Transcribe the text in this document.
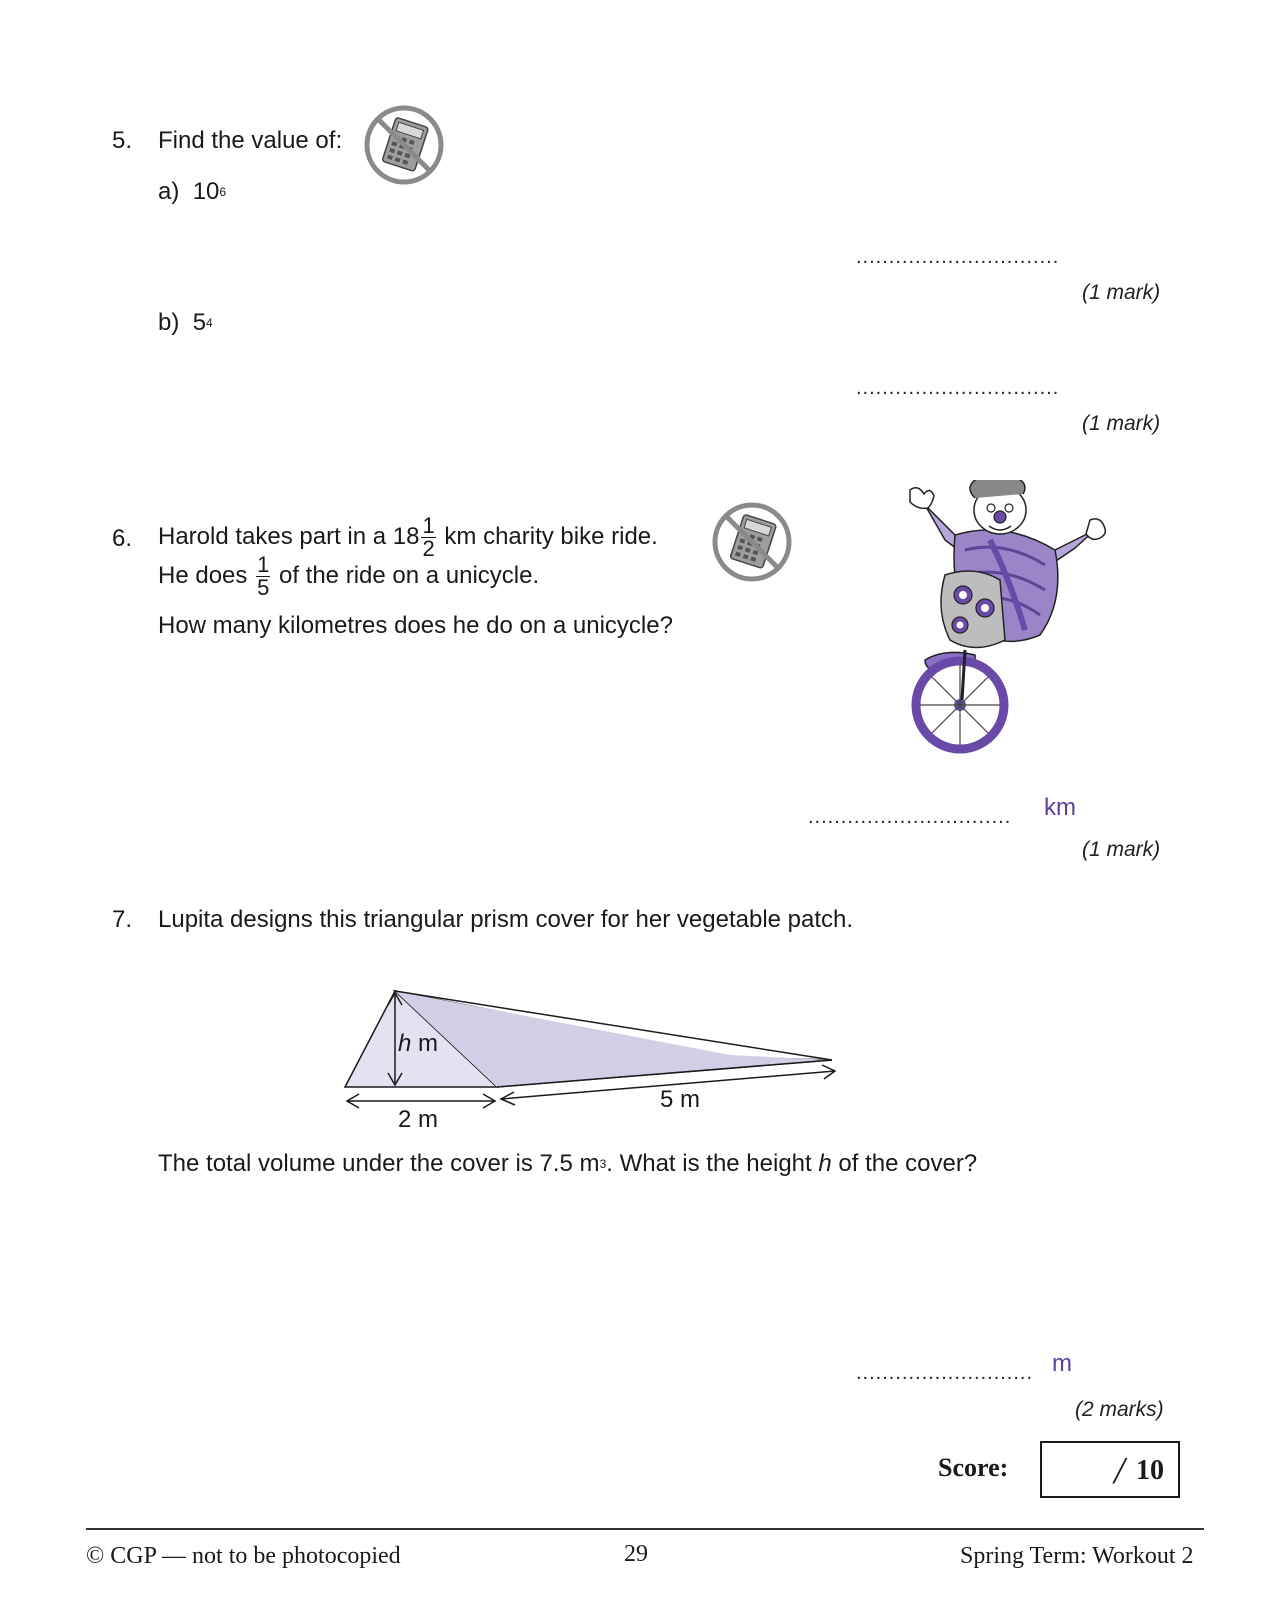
5. Find the value of:
a) $10^6$
...............................
(1 mark)
b) $5^4$
...............................
(1 mark)
6. Harold takes part in a $18 \frac{1}{2}$ km charity bike ride.
He does $\frac{1}{5}$ of the ride on a unicycle.
How many kilometres does he do on a unicycle?
............................... km
(1 mark)
7. Lupita designs this triangular prism cover for her vegetable patch.
h m
2 m
5 m
The total volume under the cover is 7.5 $m^3$. What is the height h of the cover?
........................... m
(2 marks)
Score:	/ 10
© CGP — not to be photocopied	29	Spring Term: Workout 2
